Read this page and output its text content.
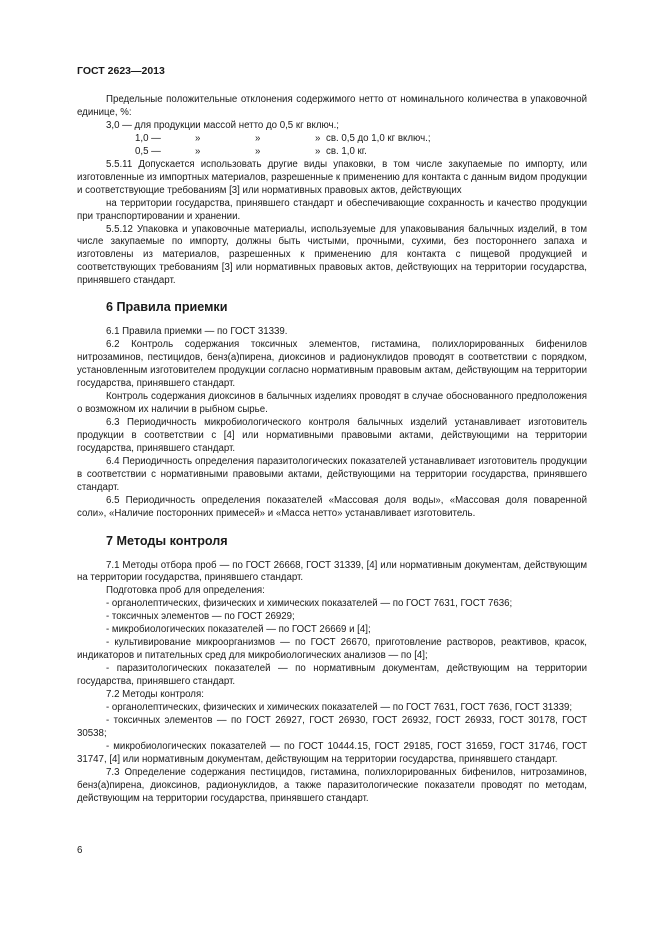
ГОСТ 2623—2013

Предельные положительные отклонения содержимого нетто от номинального количества в упаковочной единице, %:

3,0 — для продукции массой нетто до 0,5 кг включ.;

1,0 —	»	»	» св. 0,5 до 1,0 кг включ.;

0,5 —	»	»	» св. 1,0 кг.

5.5.11 Допускается использовать другие виды упаковки, в том числе закупаемые по импорту, или изготовленные из импортных материалов, разрешенные к применению для контакта с данным видом продукции и соответствующие требованиям [3] или нормативных правовых актов, действующих

на территории государства, принявшего стандарт и обеспечивающие сохранность и качество продукции при транспортировании и хранении.

5.5.12 Упаковка и упаковочные материалы, используемые для упаковывания балычных изделий, в том числе закупаемые по импорту, должны быть чистыми, прочными, сухими, без постороннего запаха и изготовлены из материалов, разрешенных к применению для контакта с пищевой продукцией и соответствующих требованиям [3] или нормативных правовых актов, действующих на территории государства, принявшего стандарт.

6 Правила приемки

6.1 Правила приемки — по ГОСТ 31339.

6.2 Контроль содержания токсичных элементов, гистамина, полихлорированных бифенилов нитрозаминов, пестицидов, бенз(а)пирена, диоксинов и радионуклидов проводят в соответствии с порядком, установленным изготовителем продукции согласно нормативным правовым актам, действующим на территории государства, принявшего стандарт.

Контроль содержания диоксинов в балычных изделиях проводят в случае обоснованного предположения о возможном их наличии в рыбном сырье.

6.3 Периодичность микробиологического контроля балычных изделий устанавливает изготовитель продукции в соответствии с [4] или нормативными правовыми актами, действующими на территории государства, принявшего стандарт.

6.4 Периодичность определения паразитологических показателей устанавливает изготовитель продукции в соответствии с нормативными правовыми актами, действующими на территории государства, принявшего стандарт.

6.5 Периодичность определения показателей «Массовая доля воды», «Массовая доля поваренной соли», «Наличие посторонних примесей» и «Масса нетто» устанавливает изготовитель.

7 Методы контроля

7.1 Методы отбора проб — по ГОСТ 26668, ГОСТ 31339, [4] или нормативным документам, действующим на территории государства, принявшего стандарт.

Подготовка проб для определения:

- органолептических, физических и химических показателей — по ГОСТ 7631, ГОСТ 7636;

- токсичных элементов — по ГОСТ 26929;

- микробиологических показателей — по ГОСТ 26669 и [4];

- культивирование микроорганизмов — по ГОСТ 26670, приготовление растворов, реактивов, красок, индикаторов и питательных сред для микробиологических анализов — по [4];

- паразитологических показателей — по нормативным документам, действующим на территории государства, принявшего стандарт.

7.2 Методы контроля:

- органолептических, физических и химических показателей — по ГОСТ 7631, ГОСТ 7636, ГОСТ 31339;

- токсичных элементов — по ГОСТ 26927, ГОСТ 26930, ГОСТ 26932, ГОСТ 26933, ГОСТ 30178, ГОСТ 30538;

- микробиологических показателей — по ГОСТ 10444.15, ГОСТ 29185, ГОСТ 31659, ГОСТ 31746, ГОСТ 31747, [4] или нормативным документам, действующим на территории государства, принявшего стандарт.

7.3 Определение содержания пестицидов, гистамина, полихлорированных бифенилов, нитрозаминов, бенз(а)пирена, диоксинов, радионуклидов, а также паразитологические показатели проводят по методам, действующим на территории государства, принявшего стандарт.

6
